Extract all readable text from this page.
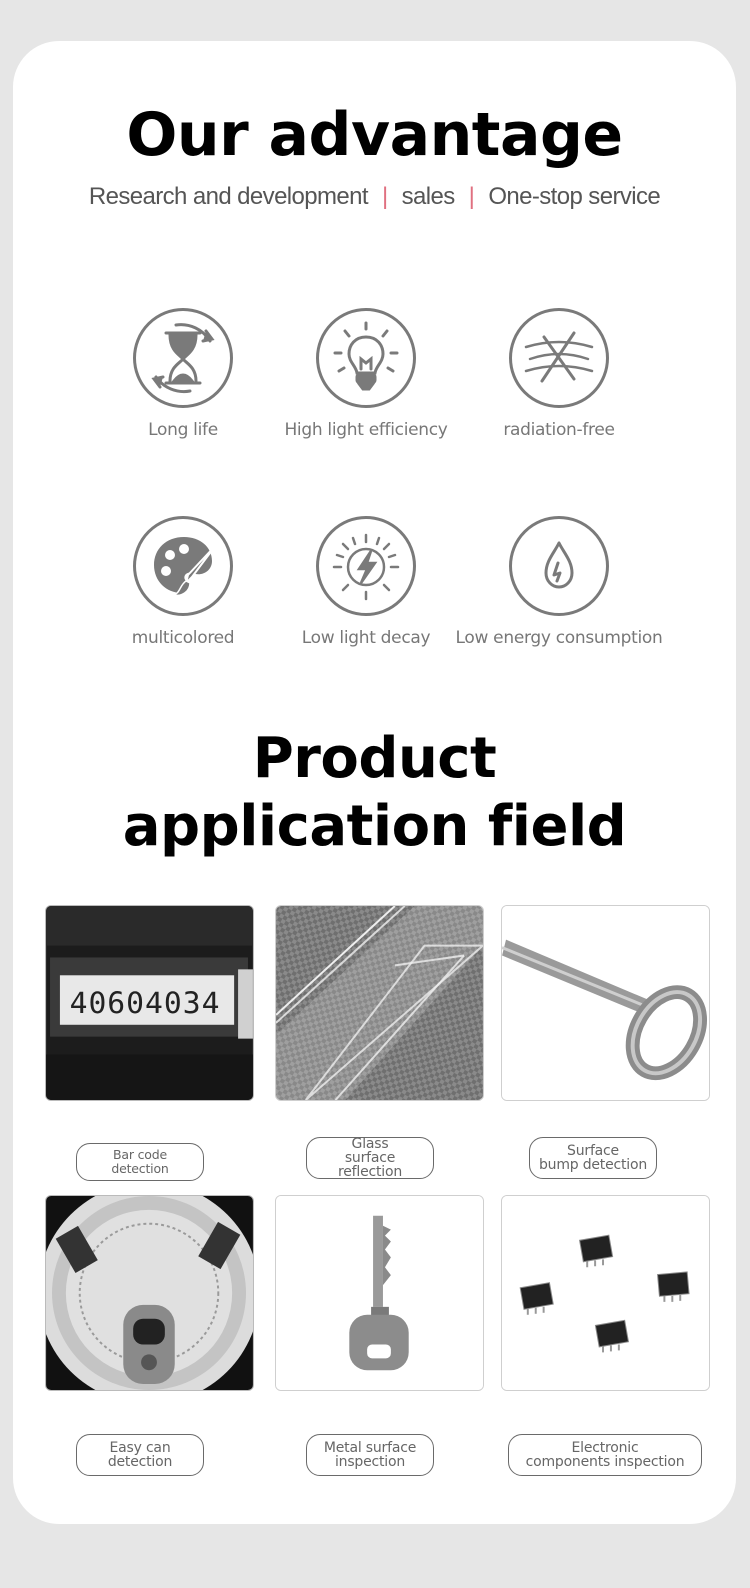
Our advantage
Research and development | sales | One-stop service
Long life	High light efficiency	radiation-free
multicolored	Low light decay	Low energy consumption
Product
application field
40604034
Bar code detection
Glass
surface reflection
Surface
bump detection
Easy can
detection
Metal surface
inspection
Electronic
components inspection
